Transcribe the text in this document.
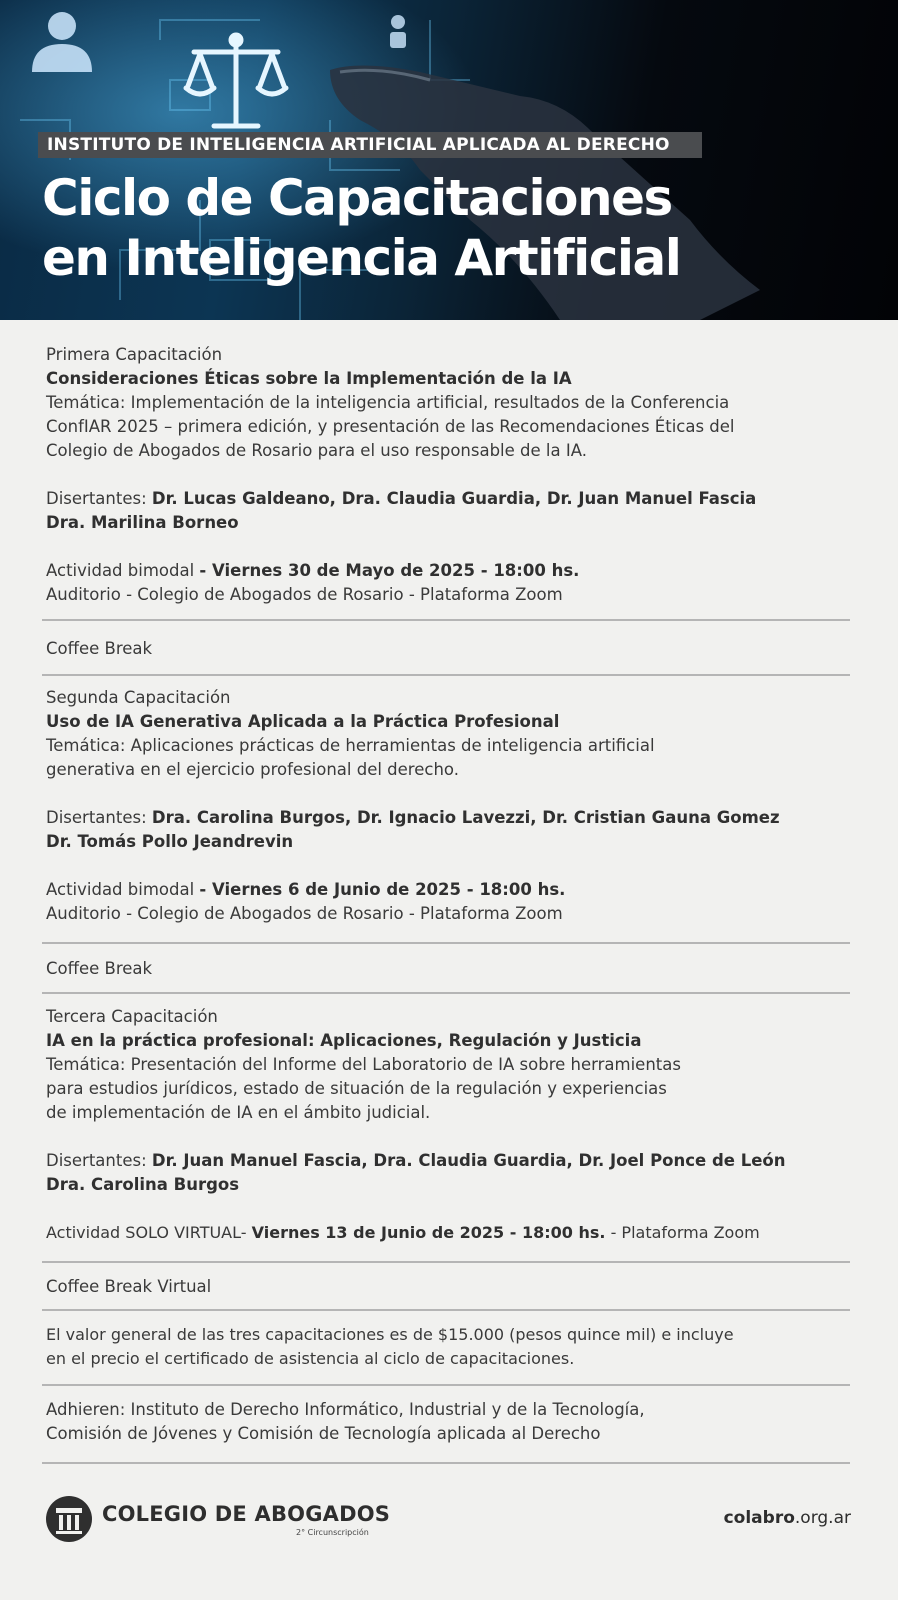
INSTITUTO DE INTELIGENCIA ARTIFICIAL APLICADA AL DERECHO
Ciclo de Capacitaciones
en Inteligencia Artificial
Primera Capacitación
Consideraciones Éticas sobre la Implementación de la IA
Temática: Implementación de la inteligencia artificial, resultados de la Conferencia
ConfIAR 2025 – primera edición, y presentación de las Recomendaciones Éticas del
Colegio de Abogados de Rosario para el uso responsable de la IA.
Disertantes: Dr. Lucas Galdeano, Dra. Claudia Guardia, Dr. Juan Manuel Fascia
Dra. Marilina Borneo
Actividad bimodal - Viernes 30 de Mayo de 2025 - 18:00 hs.
Auditorio - Colegio de Abogados de Rosario - Plataforma Zoom
Coffee Break
Segunda Capacitación
Uso de IA Generativa Aplicada a la Práctica Profesional
Temática: Aplicaciones prácticas de herramientas de inteligencia artificial
generativa en el ejercicio profesional del derecho.
Disertantes: Dra. Carolina Burgos, Dr. Ignacio Lavezzi, Dr. Cristian Gauna Gomez
Dr. Tomás Pollo Jeandrevin
Actividad bimodal - Viernes 6 de Junio de 2025 - 18:00 hs.
Auditorio - Colegio de Abogados de Rosario - Plataforma Zoom
Coffee Break
Tercera Capacitación
IA en la práctica profesional: Aplicaciones, Regulación y Justicia
Temática: Presentación del Informe del Laboratorio de IA sobre herramientas
para estudios jurídicos, estado de situación de la regulación y experiencias
de implementación de IA en el ámbito judicial.
Disertantes: Dr. Juan Manuel Fascia, Dra. Claudia Guardia, Dr. Joel Ponce de León
Dra. Carolina Burgos
Actividad SOLO VIRTUAL- Viernes 13 de Junio de 2025 - 18:00 hs. - Plataforma Zoom
Coffee Break Virtual
El valor general de las tres capacitaciones es de $15.000 (pesos quince mil) e incluye
en el precio el certificado de asistencia al ciclo de capacitaciones.
Adhieren: Instituto de Derecho Informático, Industrial y de la Tecnología,
Comisión de Jóvenes y Comisión de Tecnología aplicada al Derecho
COLEGIO DE ABOGADOS
2° Circunscripción
colabro.org.ar
